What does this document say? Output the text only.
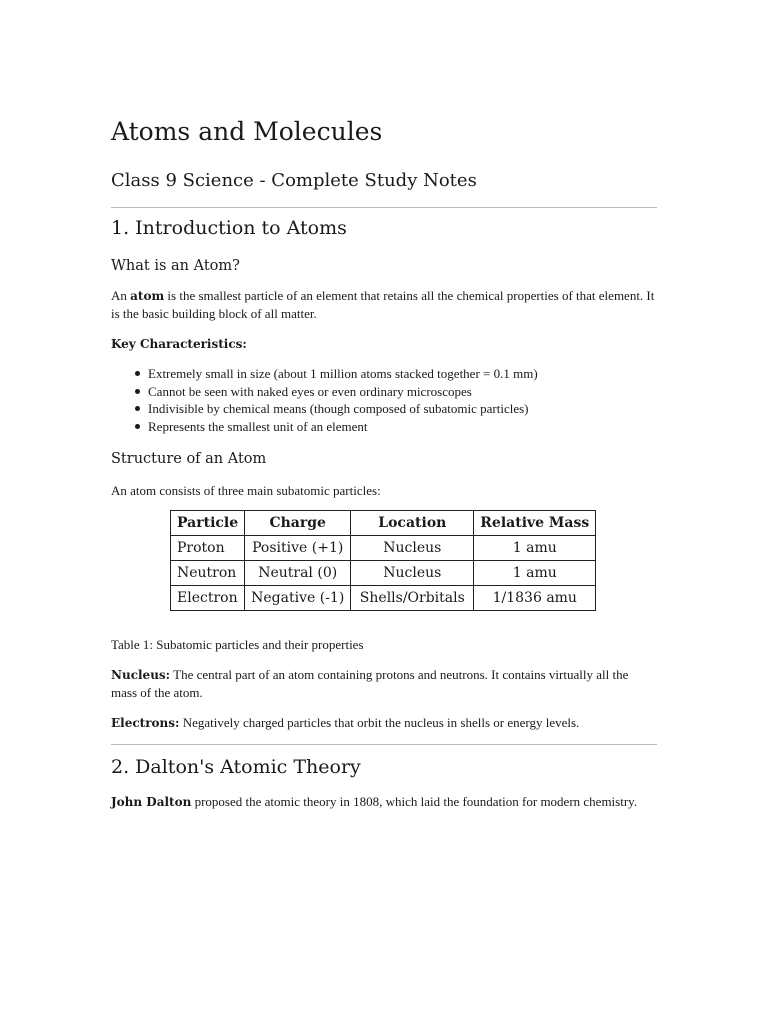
Atoms and Molecules
Class 9 Science - Complete Study Notes
1. Introduction to Atoms
What is an Atom?

An atom is the smallest particle of an element that retains all the chemical properties of that element. It is the basic building block of all matter.

Key Characteristics:

Extremely small in size (about 1 million atoms stacked together = 0.1 mm)
Cannot be seen with naked eyes or even ordinary microscopes
Indivisible by chemical means (though composed of subatomic particles)
Represents the smallest unit of an element
Structure of an Atom

An atom consists of three main subatomic particles:

Particle	Charge	Location	Relative Mass
Proton	Positive (+1)	Nucleus	1 amu
Neutron	Neutral (0)	Nucleus	1 amu
Electron	Negative (-1)	Shells/Orbitals	1/1836 amu

Table 1: Subatomic particles and their properties

Nucleus: The central part of an atom containing protons and neutrons. It contains virtually all the mass of the atom.

Electrons: Negatively charged particles that orbit the nucleus in shells or energy levels.

2. Dalton's Atomic Theory

John Dalton proposed the atomic theory in 1808, which laid the foundation for modern chemistry.
